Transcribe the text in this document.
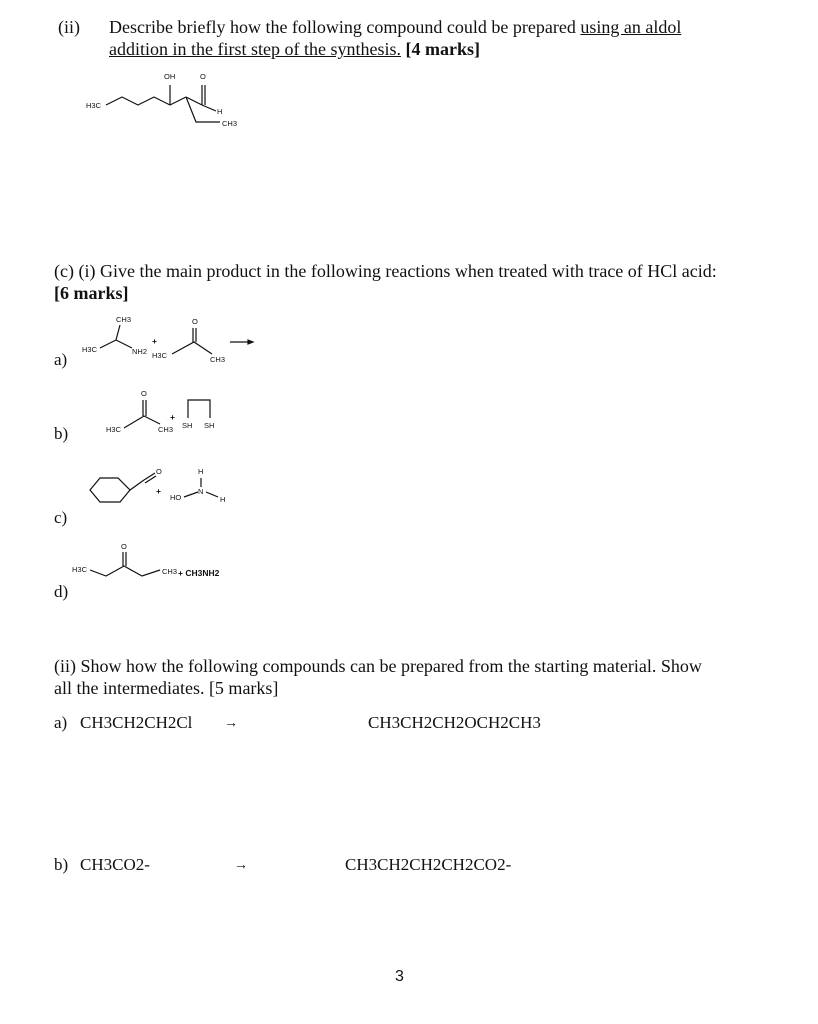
(ii) Describe briefly how the following compound could be prepared using an aldol
addition in the first step of the synthesis. [4 marks]
H3C
OH	O
H
CH3
(c) (i) Give the main product in the following reactions when treated with trace of HCl acid:
[6 marks]
a)
CH3
H3C	NH2
+
H3C
O
CH3
b)	H3C
O
CH3
+
SH SH
c)
O
+
HO
N
H
H
d)
H3C
O
CH3 + CH3NH2
(ii) Show how the following compounds can be prepared from the starting material. Show
all the intermediates. [5 marks]
a) CH3CH2CH2Cl →	CH3CH2CH2OCH2CH3
b) CH3CO2-	→	CH3CH2CH2CH2CO2-
3
